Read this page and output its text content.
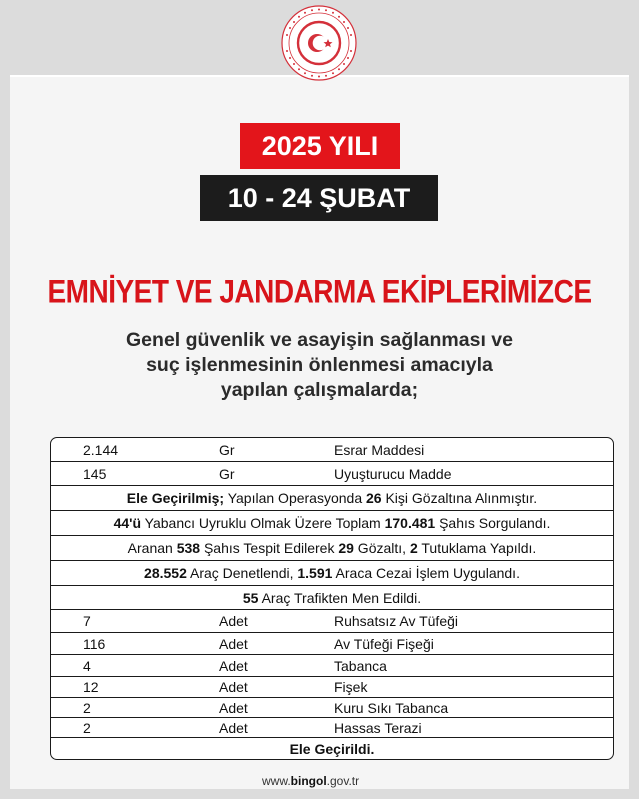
2025 YILI
10 - 24 ŞUBAT
EMNİYET VE JANDARMA EKİPLERİMİZCE
Genel güvenlik ve asayişin sağlanması ve
suç işlenmesinin önlenmesi amacıyla
yapılan çalışmalarda;
2.144	Gr	Esrar Maddesi
145	Gr	Uyuşturucu Madde
Ele Geçirilmiş; Yapılan Operasyonda 26 Kişi Gözaltına Alınmıştır.
44'ü Yabancı Uyruklu Olmak Üzere Toplam 170.481 Şahıs Sorgulandı.
Aranan 538 Şahıs Tespit Edilerek 29 Gözaltı, 2 Tutuklama Yapıldı.
28.552 Araç Denetlendi, 1.591 Araca Cezai İşlem Uygulandı.
55 Araç Trafikten Men Edildi.
7	Adet	Ruhsatsız Av Tüfeği
116	Adet	Av Tüfeği Fişeği
4	Adet	Tabanca
12	Adet	Fişek
2	Adet	Kuru Sıkı Tabanca
2	Adet	Hassas Terazi
Ele Geçirildi.
www.bingol.gov.tr
